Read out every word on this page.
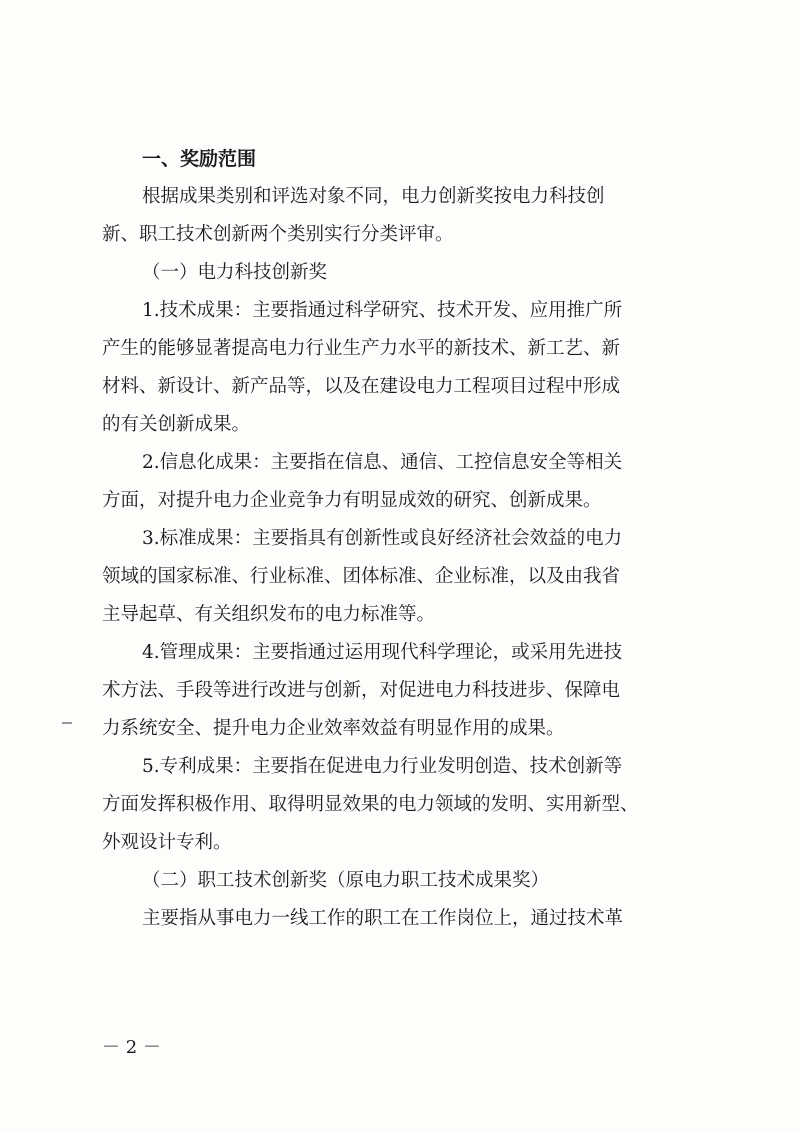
一、奖励范围
根据成果类别和评选对象不同，电力创新奖按电力科技创
新、职工技术创新两个类别实行分类评审。
（一）电力科技创新奖
1.技术成果：主要指通过科学研究、技术开发、应用推广所
产生的能够显著提高电力行业生产力水平的新技术、新工艺、新
材料、新设计、新产品等，以及在建设电力工程项目过程中形成
的有关创新成果。
2.信息化成果：主要指在信息、通信、工控信息安全等相关
方面，对提升电力企业竞争力有明显成效的研究、创新成果。
3.标准成果：主要指具有创新性或良好经济社会效益的电力
领域的国家标准、行业标准、团体标准、企业标准，以及由我省
主导起草、有关组织发布的电力标准等。
4.管理成果：主要指通过运用现代科学理论，或采用先进技
术方法、手段等进行改进与创新，对促进电力科技进步、保障电
力系统安全、提升电力企业效率效益有明显作用的成果。
5.专利成果：主要指在促进电力行业发明创造、技术创新等
方面发挥积极作用、取得明显效果的电力领域的发明、实用新型、
外观设计专利。
（二）职工技术创新奖（原电力职工技术成果奖）
主要指从事电力一线工作的职工在工作岗位上，通过技术革
－ 2 －
